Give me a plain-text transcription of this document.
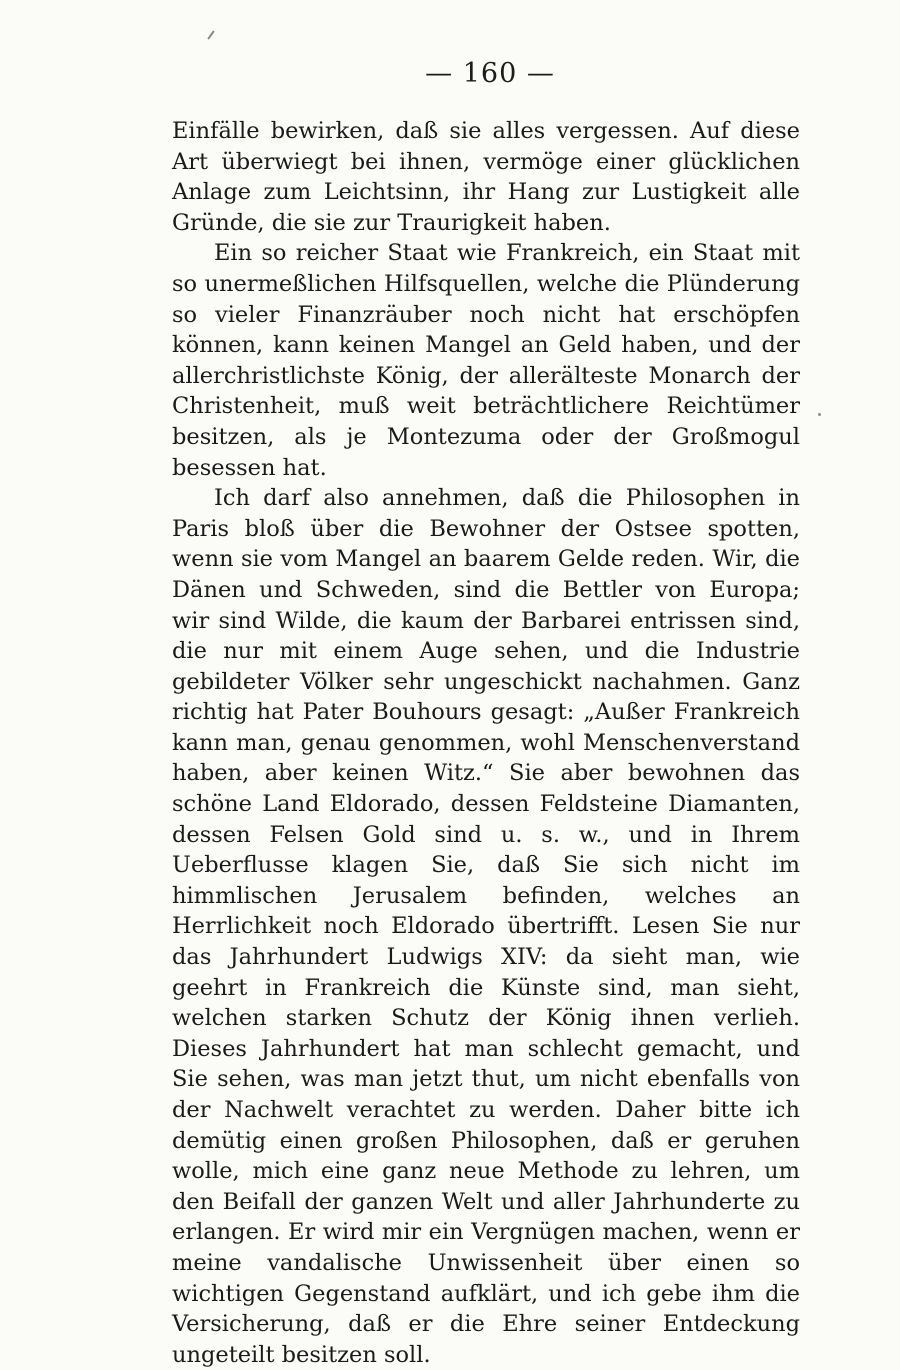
— 160 —

Einfälle bewirken, daß sie alles vergessen. Auf diese Art überwiegt bei ihnen, vermöge einer glücklichen Anlage zum Leichtsinn, ihr Hang zur Lustigkeit alle Gründe, die sie zur Traurigkeit haben.

Ein so reicher Staat wie Frankreich, ein Staat mit so unermeßlichen Hilfsquellen, welche die Plünderung so vieler Finanzräuber noch nicht hat erschöpfen können, kann keinen Mangel an Geld haben, und der allerchristlichste König, der allerälteste Monarch der Christenheit, muß weit beträchtlichere Reichtümer besitzen, als je Montezuma oder der Großmogul besessen hat.

Ich darf also annehmen, daß die Philosophen in Paris bloß über die Bewohner der Ostsee spotten, wenn sie vom Mangel an baarem Gelde reden. Wir, die Dänen und Schweden, sind die Bettler von Europa; wir sind Wilde, die kaum der Barbarei entrissen sind, die nur mit einem Auge sehen, und die Industrie gebildeter Völker sehr ungeschickt nachahmen. Ganz richtig hat Pater Bouhours gesagt: „Außer Frankreich kann man, genau genommen, wohl Menschenverstand haben, aber keinen Witz.“ Sie aber bewohnen das schöne Land Eldorado, dessen Feldsteine Diamanten, dessen Felsen Gold sind u. s. w., und in Ihrem Ueberflusse klagen Sie, daß Sie sich nicht im himmlischen Jerusalem befinden, welches an Herrlichkeit noch Eldorado übertrifft. Lesen Sie nur das Jahrhundert Ludwigs XIV: da sieht man, wie geehrt in Frankreich die Künste sind, man sieht, welchen starken Schutz der König ihnen verlieh. Dieses Jahrhundert hat man schlecht gemacht, und Sie sehen, was man jetzt thut, um nicht ebenfalls von der Nachwelt verachtet zu werden. Daher bitte ich demütig einen großen Philosophen, daß er geruhen wolle, mich eine ganz neue Methode zu lehren, um den Beifall der ganzen Welt und aller Jahrhunderte zu erlangen. Er wird mir ein Vergnügen machen, wenn er meine vandalische Unwissenheit über einen so wichtigen Gegenstand aufklärt, und ich gebe ihm die Versicherung, daß er die Ehre seiner Entdeckung ungeteilt besitzen soll.
